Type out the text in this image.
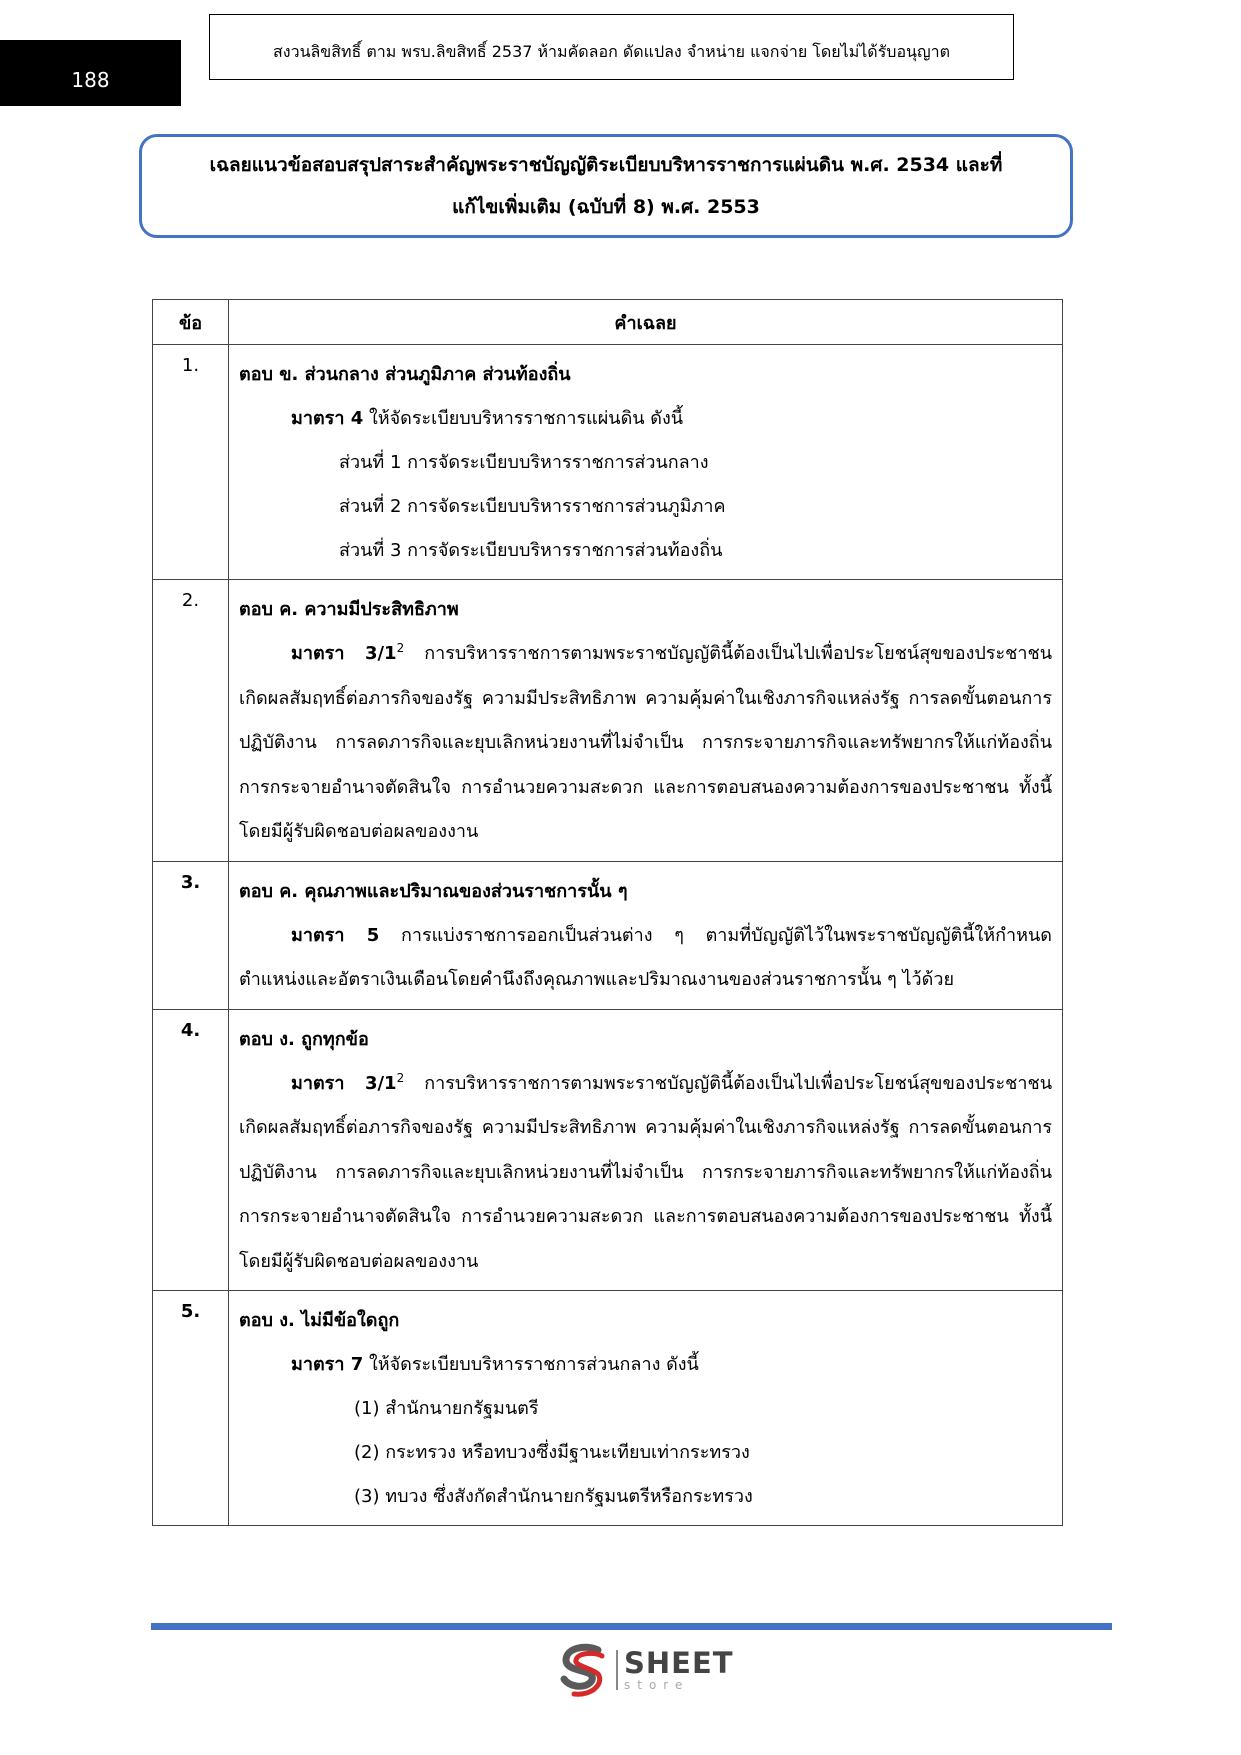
188
สงวนลิขสิทธิ์ ตาม พรบ.ลิขสิทธิ์ 2537 ห้ามคัดลอก ดัดแปลง จำหน่าย แจกจ่าย โดยไม่ได้รับอนุญาต
เฉลยแนวข้อสอบสรุปสาระสำคัญพระราชบัญญัติระเบียบบริหารราชการแผ่นดิน พ.ศ. 2534 และที่
แก้ไขเพิ่มเติม (ฉบับที่ 8) พ.ศ. 2553
ข้อ	คำเฉลย
1.	ตอบ ข. ส่วนกลาง ส่วนภูมิภาค ส่วนท้องถิ่น
มาตรา 4 ให้จัดระเบียบบริหารราชการแผ่นดิน ดังนี้
ส่วนที่ 1 การจัดระเบียบบริหารราชการส่วนกลาง
ส่วนที่ 2 การจัดระเบียบบริหารราชการส่วนภูมิภาค
ส่วนที่ 3 การจัดระเบียบบริหารราชการส่วนท้องถิ่น

2.	ตอบ ค. ความมีประสิทธิภาพ
มาตรา $3/1^2$ การบริหารราชการตามพระราชบัญญัตินี้ต้องเป็นไปเพื่อประโยชน์สุขของประชาชน เกิดผลสัมฤทธิ์ต่อภารกิจของรัฐ ความมีประสิทธิภาพ ความคุ้มค่าในเชิงภารกิจแหล่งรัฐ การลดขั้นตอนการปฏิบัติงาน การลดภารกิจและยุบเลิกหน่วยงานที่ไม่จำเป็น การกระจายภารกิจและทรัพยากรให้แก่ท้องถิ่น การกระจายอำนาจตัดสินใจ การอำนวยความสะดวก และการตอบสนองความต้องการของประชาชน ทั้งนี้ โดยมีผู้รับผิดชอบต่อผลของงาน

3.	ตอบ ค. คุณภาพและปริมาณของส่วนราชการนั้น ๆ
มาตรา 5 การแบ่งราชการออกเป็นส่วนต่าง ๆ ตามที่บัญญัติไว้ในพระราชบัญญัตินี้ให้กำหนดตำแหน่งและอัตราเงินเดือนโดยคำนึงถึงคุณภาพและปริมาณงานของส่วนราชการนั้น ๆ ไว้ด้วย

4.	ตอบ ง. ถูกทุกข้อ
มาตรา $3/1^2$ การบริหารราชการตามพระราชบัญญัตินี้ต้องเป็นไปเพื่อประโยชน์สุขของประชาชน เกิดผลสัมฤทธิ์ต่อภารกิจของรัฐ ความมีประสิทธิภาพ ความคุ้มค่าในเชิงภารกิจแหล่งรัฐ การลดขั้นตอนการปฏิบัติงาน การลดภารกิจและยุบเลิกหน่วยงานที่ไม่จำเป็น การกระจายภารกิจและทรัพยากรให้แก่ท้องถิ่น การกระจายอำนาจตัดสินใจ การอำนวยความสะดวก และการตอบสนองความต้องการของประชาชน ทั้งนี้ โดยมีผู้รับผิดชอบต่อผลของงาน

5.	ตอบ ง. ไม่มีข้อใดถูก
มาตรา 7 ให้จัดระเบียบบริหารราชการส่วนกลาง ดังนี้
(1) สำนักนายกรัฐมนตรี
(2) กระทรวง หรือทบวงซึ่งมีฐานะเทียบเท่ากระทรวง
(3) ทบวง ซึ่งสังกัดสำนักนายกรัฐมนตรีหรือกระทรวง
SHEET
store
